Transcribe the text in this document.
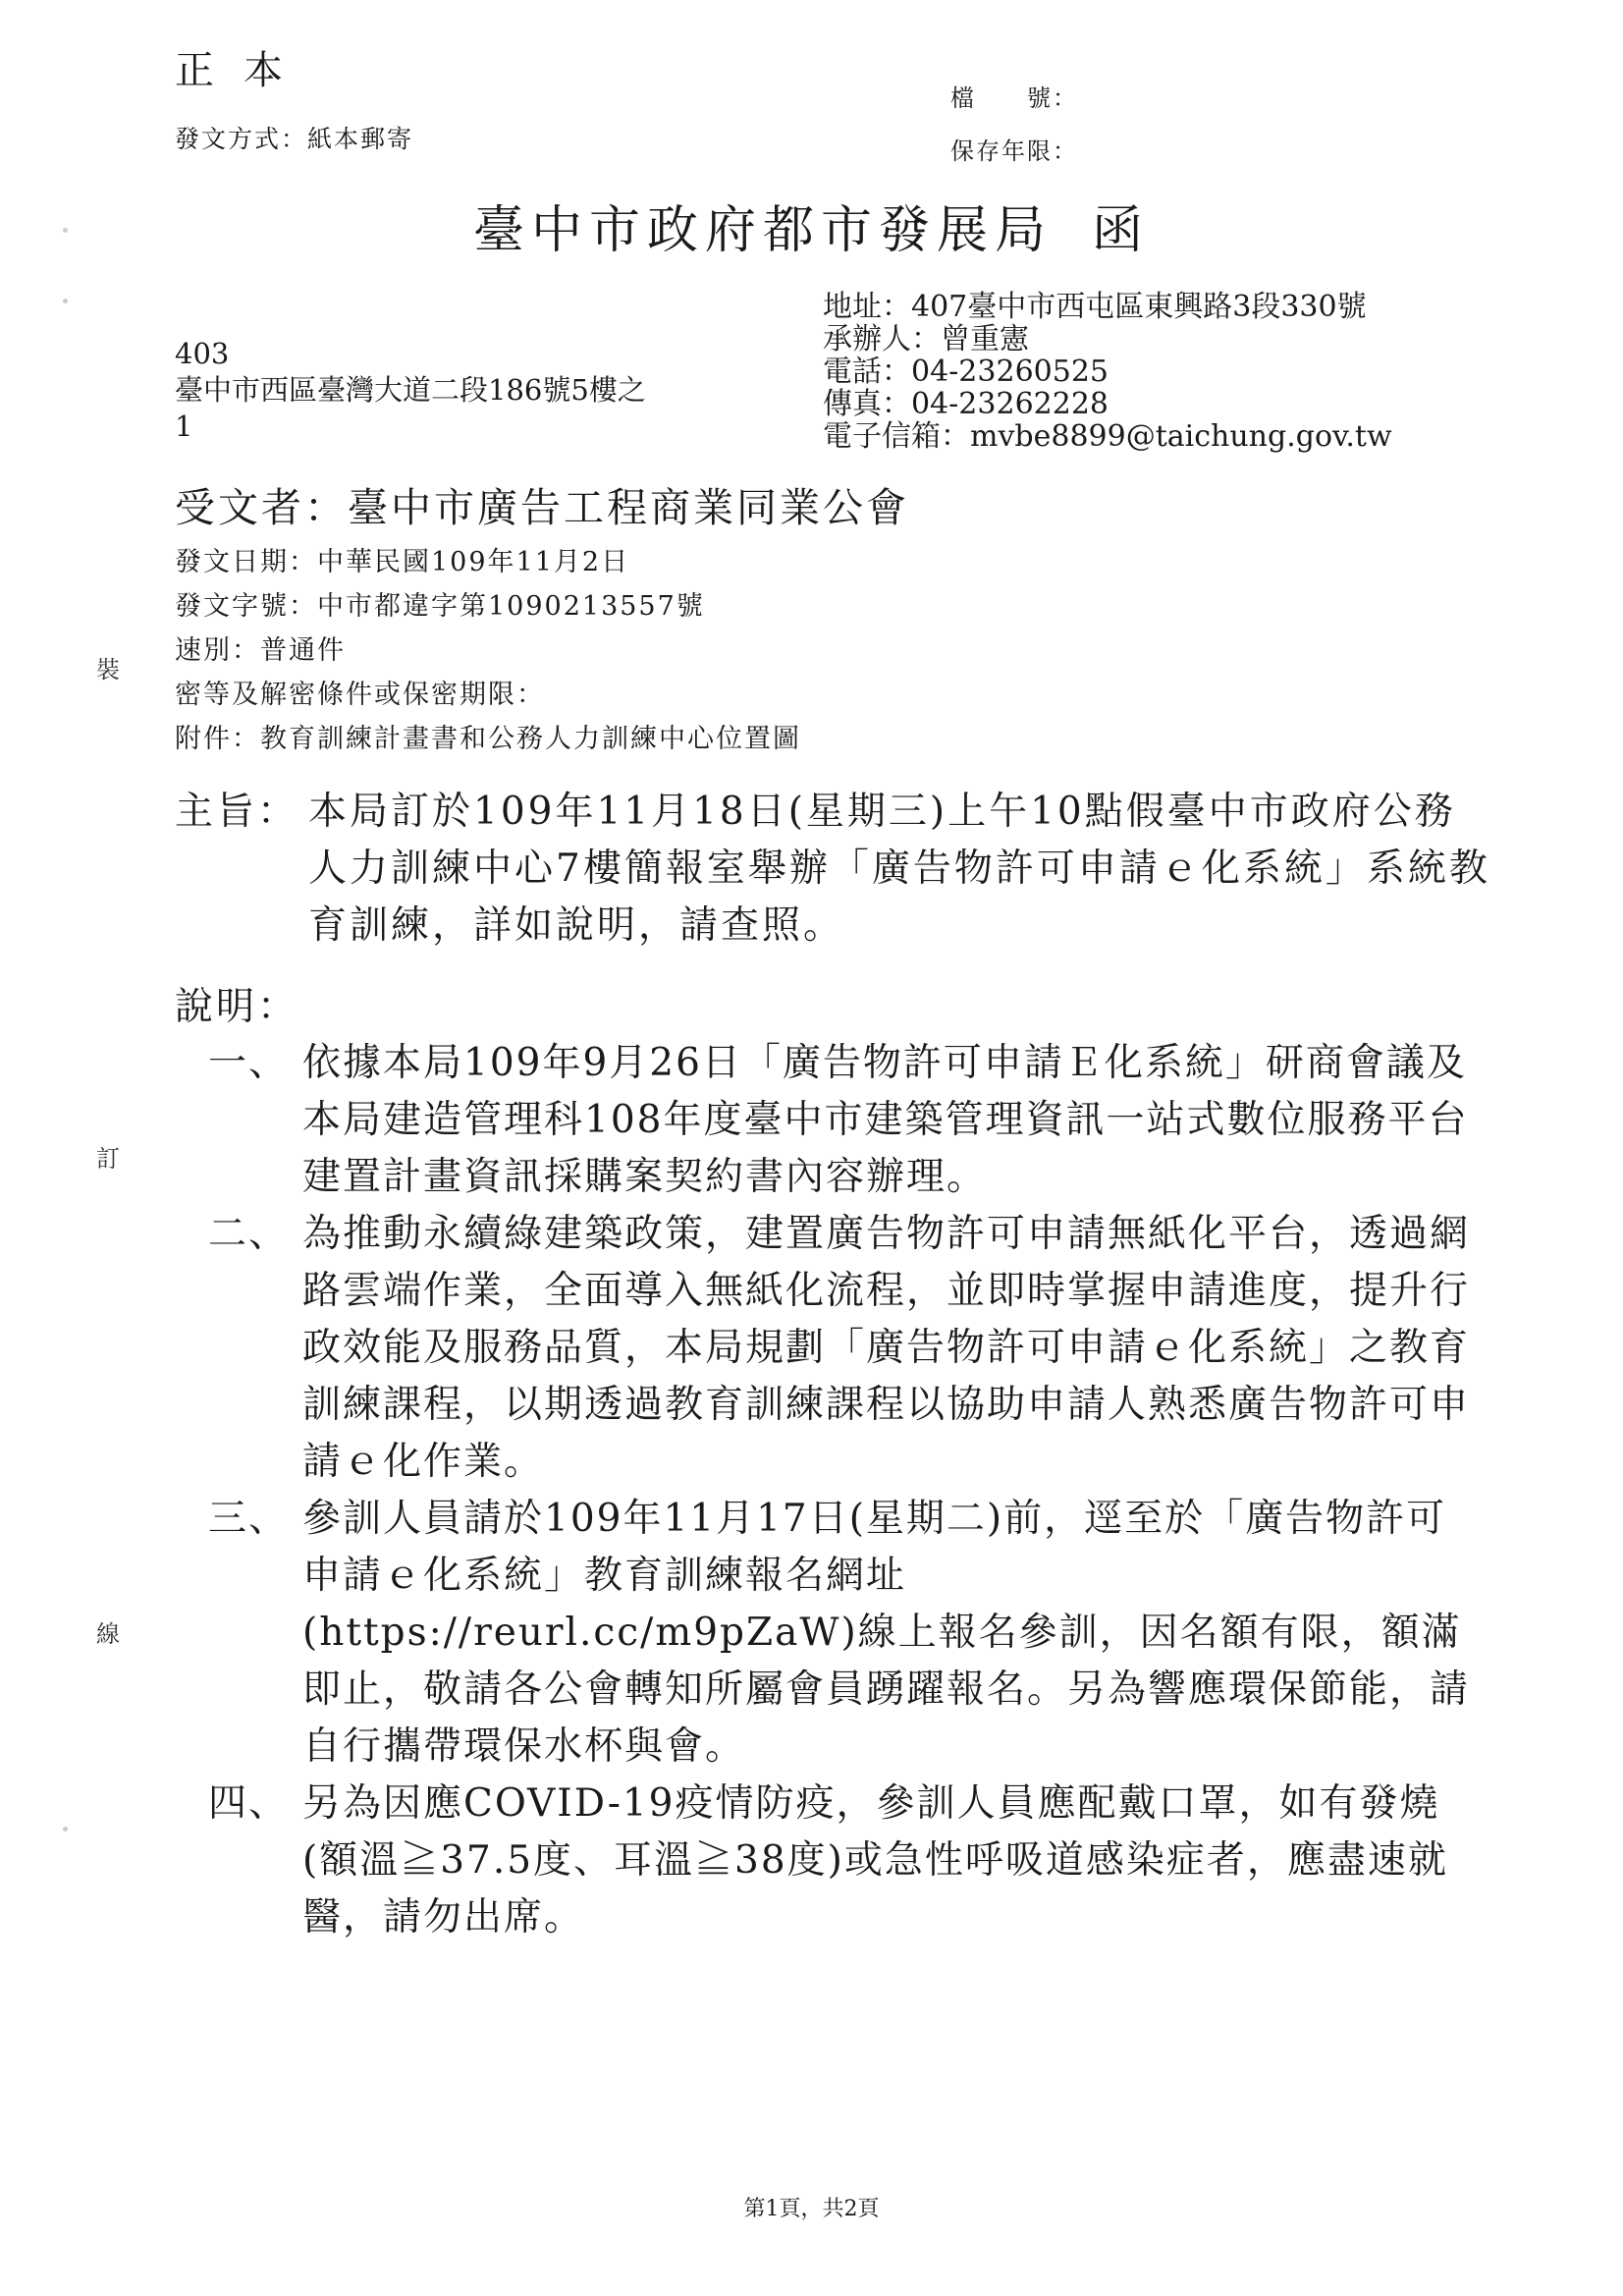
正本
發文方式：紙本郵寄
檔　　號：
保存年限：
臺中市政府都市發展局 函
地址：407臺中市西屯區東興路3段330號
承辦人：曾重憲
電話：04-23260525
傳真：04-23262228
電子信箱：mvbe8899@taichung.gov.tw
403
臺中市西區臺灣大道二段186號5樓之
1
受文者：臺中市廣告工程商業同業公會
發文日期：中華民國109年11月2日
發文字號：中市都違字第1090213557號
速別：普通件
密等及解密條件或保密期限：
附件：教育訓練計畫書和公務人力訓練中心位置圖
主旨： 本局訂於109年11月18日(星期三)上午10點假臺中市政府公務人力訓練中心7樓簡報室舉辦「廣告物許可申請ｅ化系統」系統教育訓練，詳如說明，請查照。
說明：
一、 依據本局109年9月26日「廣告物許可申請Ｅ化系統」研商會議及本局建造管理科108年度臺中市建築管理資訊一站式數位服務平台建置計畫資訊採購案契約書內容辦理。
二、 為推動永續綠建築政策，建置廣告物許可申請無紙化平台，透過網路雲端作業，全面導入無紙化流程，並即時掌握申請進度，提升行政效能及服務品質，本局規劃「廣告物許可申請ｅ化系統」之教育訓練課程，以期透過教育訓練課程以協助申請人熟悉廣告物許可申請ｅ化作業。
三、 參訓人員請於109年11月17日(星期二)前，逕至於「廣告物許可申請ｅ化系統」教育訓練報名網址 (https://reurl.cc/m9pZaW)線上報名參訓，因名額有限，額滿即止，敬請各公會轉知所屬會員踴躍報名。另為響應環保節能，請自行攜帶環保水杯與會。
四、 另為因應COVID-19疫情防疫，參訓人員應配戴口罩，如有發燒(額溫≧37.5度、耳溫≧38度)或急性呼吸道感染症者，應盡速就醫，請勿出席。
裝
訂
線
第1頁，共2頁
